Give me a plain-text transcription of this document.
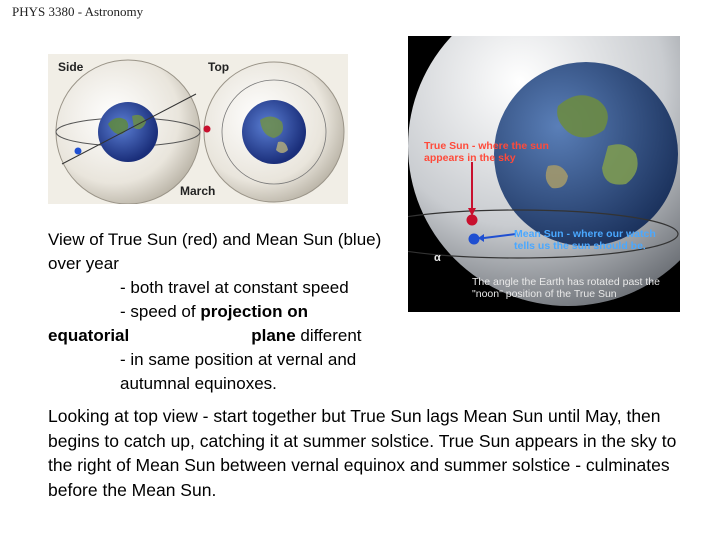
PHYS 3380 - Astronomy
Side	Top
March
True Sun - where the sun appears in the sky
Mean Sun - where our watch tells us the sun should be.
α
The angle the Earth has rotated past the "noon" position of the True Sun
View of True Sun (red) and Mean Sun (blue) over year
- both travel at constant speed
- speed of projection on
equatorial	plane different
- in same position at vernal and autumnal equinoxes.
Looking at top view - start together but True Sun lags Mean Sun until May, then begins to catch up, catching it at summer solstice. True Sun appears in the sky to the right of Mean Sun between vernal equinox and summer solstice - culminates before the Mean Sun.
